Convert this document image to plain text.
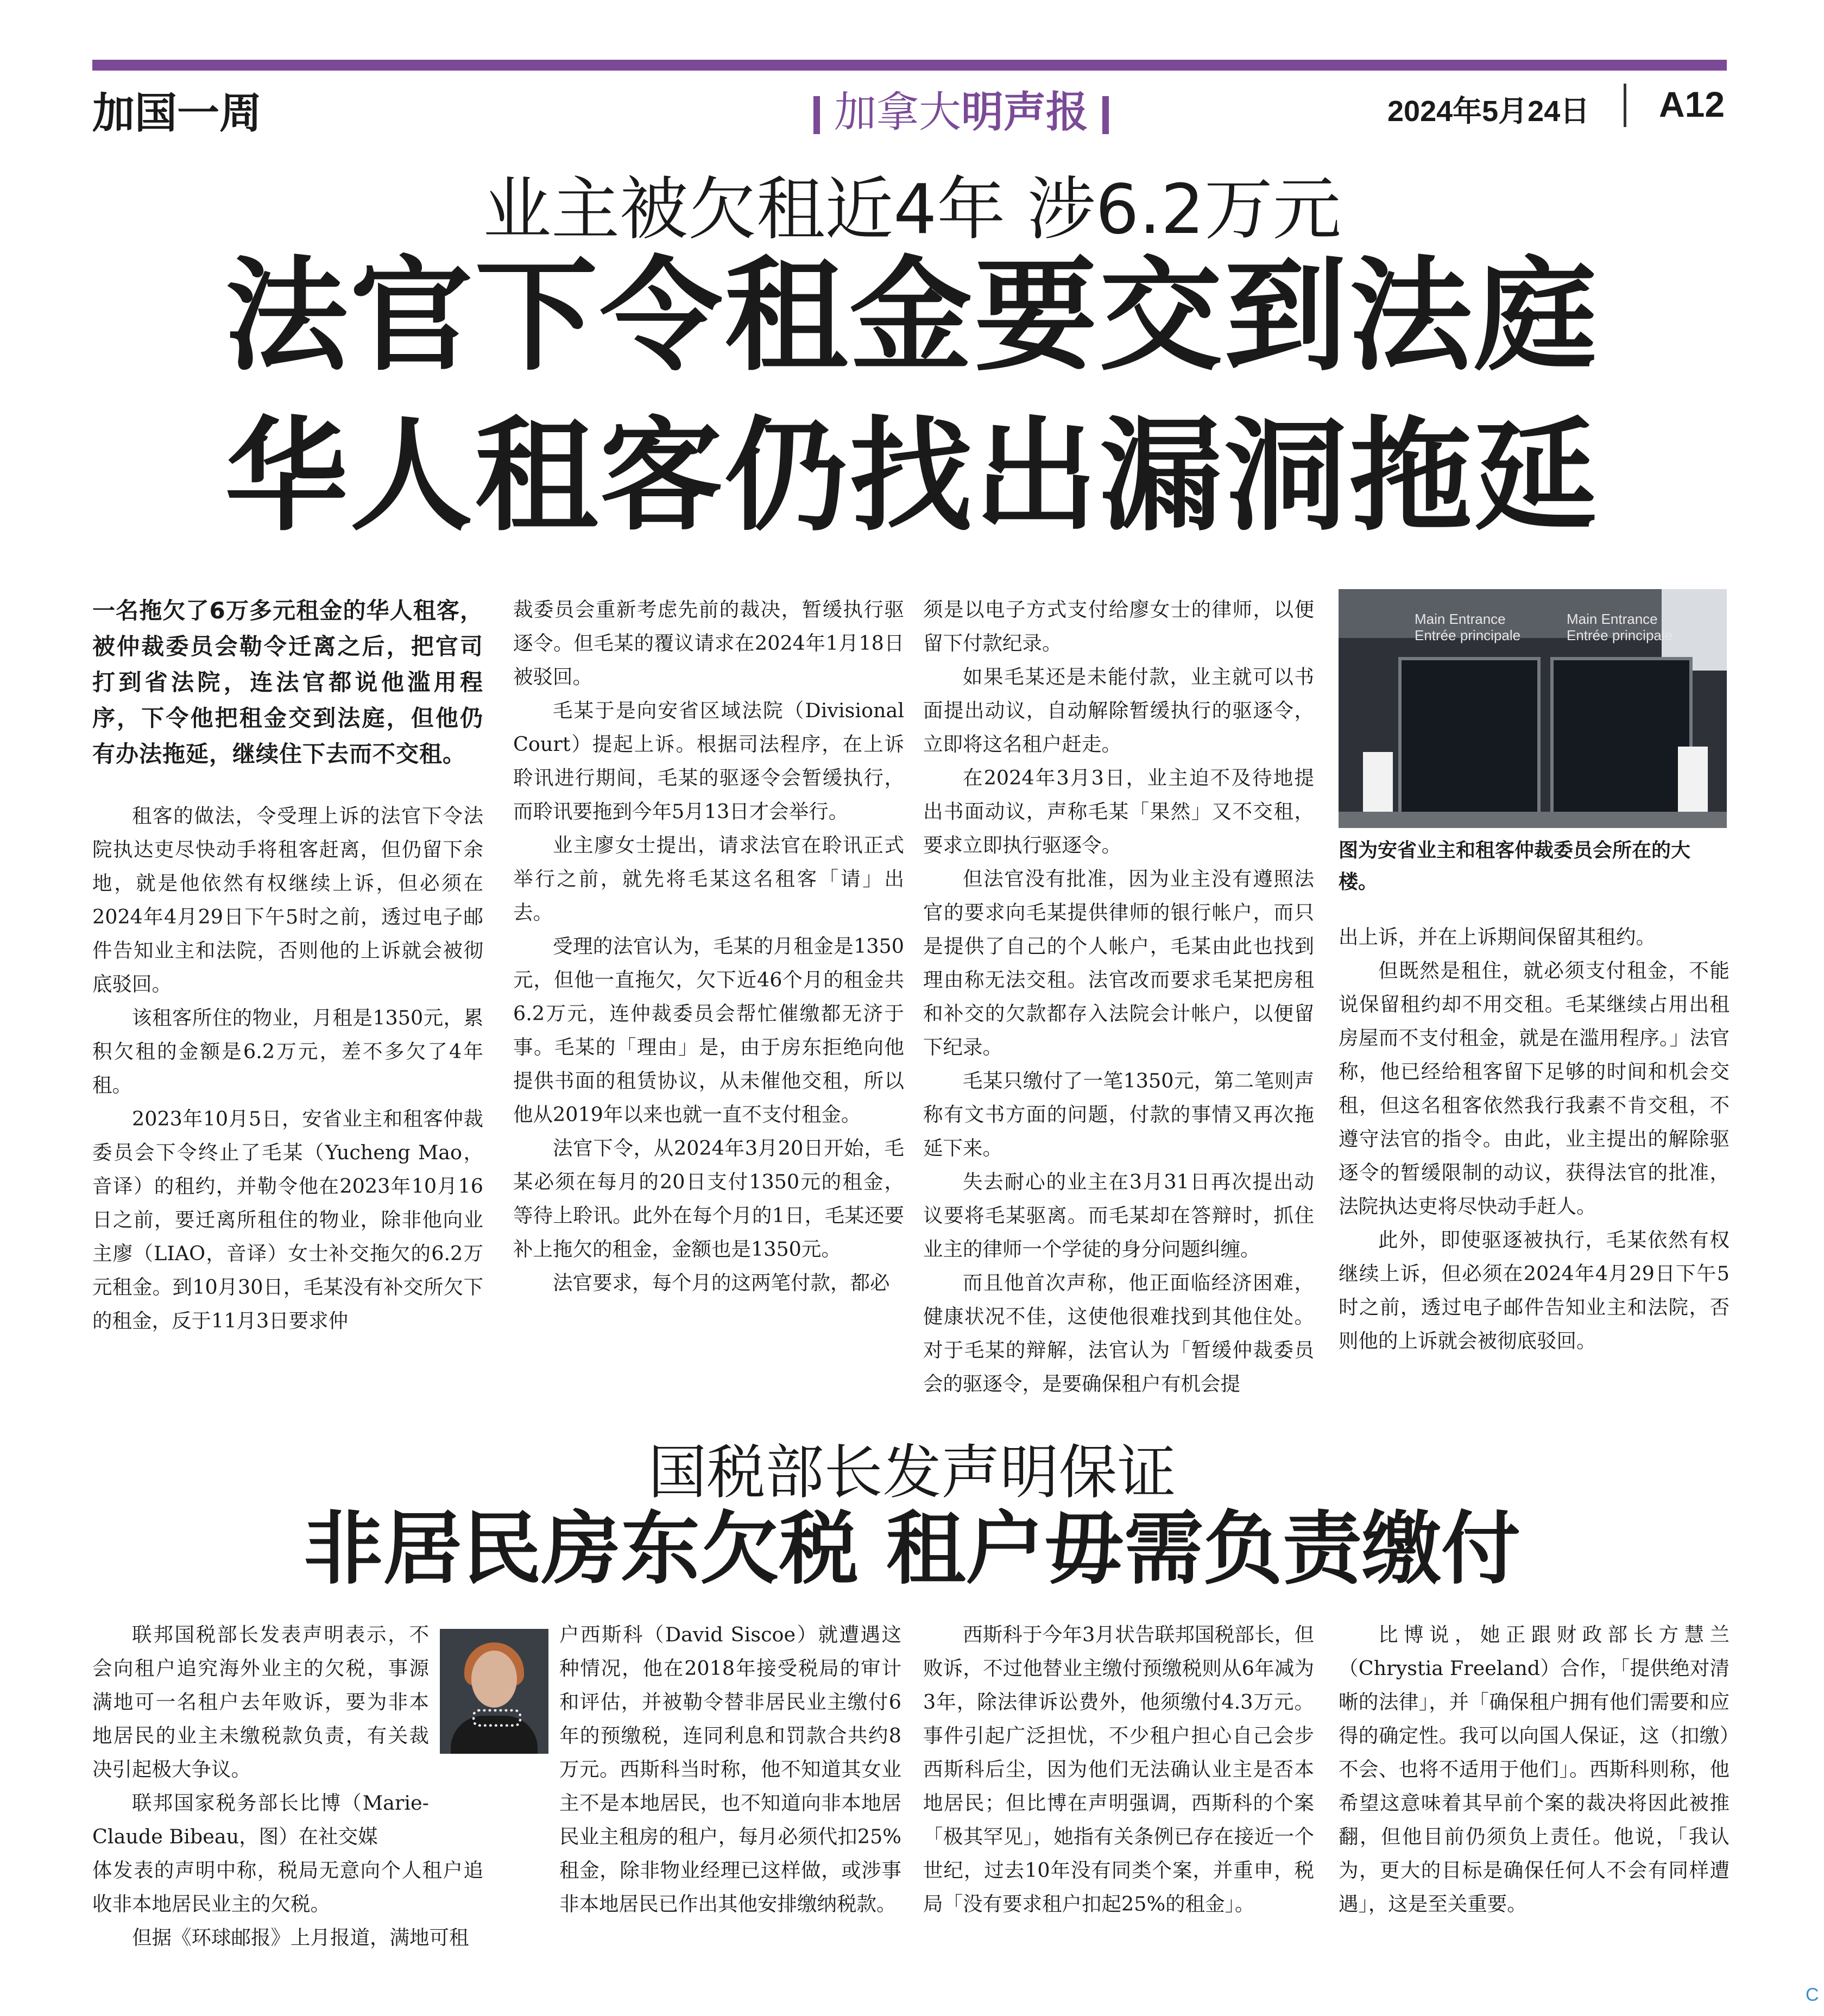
加国一周	加拿大明声报	2024年5月24日 A12
业主被欠租近4年 涉6.2万元
法官下令租金要交到法庭
华人租客仍找出漏洞拖延

一名拖欠了6万多元租金的华人租客，被仲裁委员会勒令迁离之后，把官司打到省法院，连法官都说他滥用程序，下令他把租金交到法庭，但他仍有办法拖延，继续住下去而不交租。

租客的做法，令受理上诉的法官下令法院执达吏尽快动手将租客赶离，但仍留下余地，就是他依然有权继续上诉，但必须在2024年4月29日下午5时之前，透过电子邮件告知业主和法院，否则他的上诉就会被彻底驳回。

该租客所住的物业，月租是1350元，累积欠租的金额是6.2万元，差不多欠了4年租。

2023年10月5日，安省业主和租客仲裁委员会下令终止了毛某（Yucheng Mao，音译）的租约，并勒令他在2023年10月16日之前，要迁离所租住的物业，除非他向业主廖（LIAO，音译）女士补交拖欠的6.2万元租金。到10月30日，毛某没有补交所欠下的租金，反于11月3日要求仲

裁委员会重新考虑先前的裁决，暂缓执行驱逐令。但毛某的覆议请求在2024年1月18日被驳回。

毛某于是向安省区域法院（Divisional Court）提起上诉。根据司法程序，在上诉聆讯进行期间，毛某的驱逐令会暂缓执行，而聆讯要拖到今年5月13日才会举行。

业主廖女士提出，请求法官在聆讯正式举行之前，就先将毛某这名租客「请」出去。

受理的法官认为，毛某的月租金是1350元，但他一直拖欠，欠下近46个月的租金共6.2万元，连仲裁委员会帮忙催缴都无济于事。毛某的「理由」是，由于房东拒绝向他提供书面的租赁协议，从未催他交租，所以他从2019年以来也就一直不支付租金。

法官下令，从2024年3月20日开始，毛某必须在每月的20日支付1350元的租金，等待上聆讯。此外在每个月的1日，毛某还要补上拖欠的租金，金额也是1350元。

法官要求，每个月的这两笔付款，都必

须是以电子方式支付给廖女士的律师，以便留下付款纪录。

如果毛某还是未能付款，业主就可以书面提出动议，自动解除暂缓执行的驱逐令，立即将这名租户赶走。

在2024年3月3日，业主迫不及待地提出书面动议，声称毛某「果然」又不交租，要求立即执行驱逐令。

但法官没有批准，因为业主没有遵照法官的要求向毛某提供律师的银行帐户，而只是提供了自己的个人帐户，毛某由此也找到理由称无法交租。法官改而要求毛某把房租和补交的欠款都存入法院会计帐户，以便留下纪录。

毛某只缴付了一笔1350元，第二笔则声称有文书方面的问题，付款的事情又再次拖延下来。

失去耐心的业主在3月31日再次提出动议要将毛某驱离。而毛某却在答辩时，抓住业主的律师一个学徒的身分问题纠缠。

而且他首次声称，他正面临经济困难，健康状况不佳，这使他很难找到其他住处。对于毛某的辩解，法官认为「暂缓仲裁委员会的驱逐令，是要确保租户有机会提

Main Entrance
Entrée principale
Main Entrance
Entrée principale
图为安省业主和租客仲裁委员会所在的大楼。

出上诉，并在上诉期间保留其租约。

但既然是租住，就必须支付租金，不能说保留租约却不用交租。毛某继续占用出租房屋而不支付租金，就是在滥用程序。」法官称，他已经给租客留下足够的时间和机会交租，但这名租客依然我行我素不肯交租，不遵守法官的指令。由此，业主提出的解除驱逐令的暂缓限制的动议，获得法官的批准，法院执达吏将尽快动手赶人。

此外，即使驱逐被执行，毛某依然有权继续上诉，但必须在2024年4月29日下午5时之前，透过电子邮件告知业主和法院，否则他的上诉就会被彻底驳回。

国税部长发声明保证
非居民房东欠税 租户毋需负责缴付

联邦国税部长发表声明表示，不会向租户追究海外业主的欠税，事源满地可一名租户去年败诉，要为非本地居民的业主未缴税款负责，有关裁决引起极大争议。

联邦国家税务部长比博（Marie-Claude Bibeau，图）在社交媒

体发表的声明中称，税局无意向个人租户追收非本地居民业主的欠税。

但据《环球邮报》上月报道，满地可租

户西斯科（David Siscoe）就遭遇这种情况，他在2018年接受税局的审计和评估，并被勒令替非居民业主缴付6年的预缴税，连同利息和罚款合共约8万元。西斯科当时称，他不知道其女业主不是本地居民，也不知道向非本地居民业主租房的租户，每月必须代扣25%租金，除非物业经理已这样做，或涉事非本地居民已作出其他安排缴纳税款。

西斯科于今年3月状告联邦国税部长，但败诉，不过他替业主缴付预缴税则从6年减为3年，除法律诉讼费外，他须缴付4.3万元。事件引起广泛担忧，不少租户担心自己会步西斯科后尘，因为他们无法确认业主是否本地居民；但比博在声明强调，西斯科的个案「极其罕见」，她指有关条例已存在接近一个世纪，过去10年没有同类个案，并重申，税局「没有要求租户扣起25%的租金」。

比博说，她正跟财政部长方慧兰（Chrystia Freeland）合作，「提供绝对清晰的法律」，并「确保租户拥有他们需要和应得的确定性。我可以向国人保证，这（扣缴）不会、也将不适用于他们」。西斯科则称，他希望这意味着其早前个案的裁决将因此被推翻，但他目前仍须负上责任。他说，「我认为，更大的目标是确保任何人不会有同样遭遇」，这是至关重要。

C
